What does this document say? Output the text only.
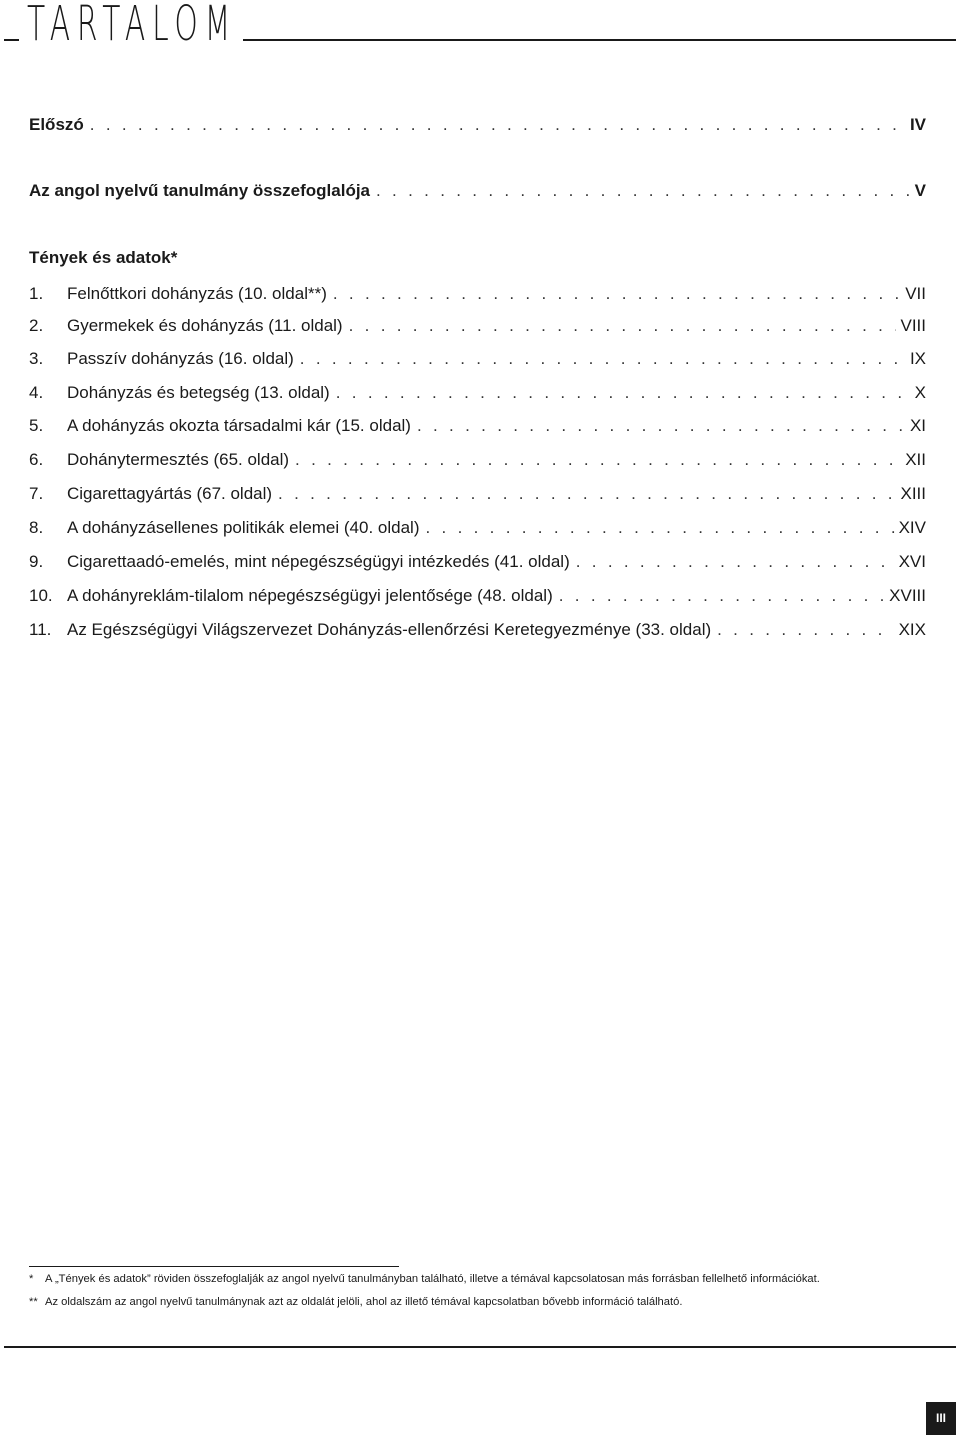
TARTALOM
Előszó . . .	IV
Az angol nyelvű tanulmány összefoglalója . . .	V
Tények és adatok*
1.	Felnőttkori dohányzás (10. oldal**) . . .	VII
2.	Gyermekek és dohányzás (11. oldal) . . .	VIII
3.	Passzív dohányzás (16. oldal) . . .	IX
4.	Dohányzás és betegség (13. oldal) . . .	X
5.	A dohányzás okozta társadalmi kár (15. oldal) . . .	XI
6.	Dohánytermesztés (65. oldal) . . .	XII
7.	Cigarettagyártás (67. oldal) . . .	XIII
8.	A dohányzásellenes politikák elemei (40. oldal) . . .	XIV
9.	Cigarettaadó-emelés, mint népegészségügyi intézkedés (41. oldal) . . .	XVI
10. A dohányreklám-tilalom népegészségügyi jelentősége (48. oldal) . . .	XVIII
11. Az Egészségügyi Világszervezet Dohányzás-ellenőrzési Keretegyezménye (33. oldal) . . .	XIX
* A „Tények és adatok” röviden összefoglalják az angol nyelvű tanulmányban található, illetve a témával kapcsolatosan más forrásban fellelhető információkat.
** Az oldalszám az angol nyelvű tanulmánynak azt az oldalát jelöli, ahol az illető témával kapcsolatban bővebb információ található.
III
